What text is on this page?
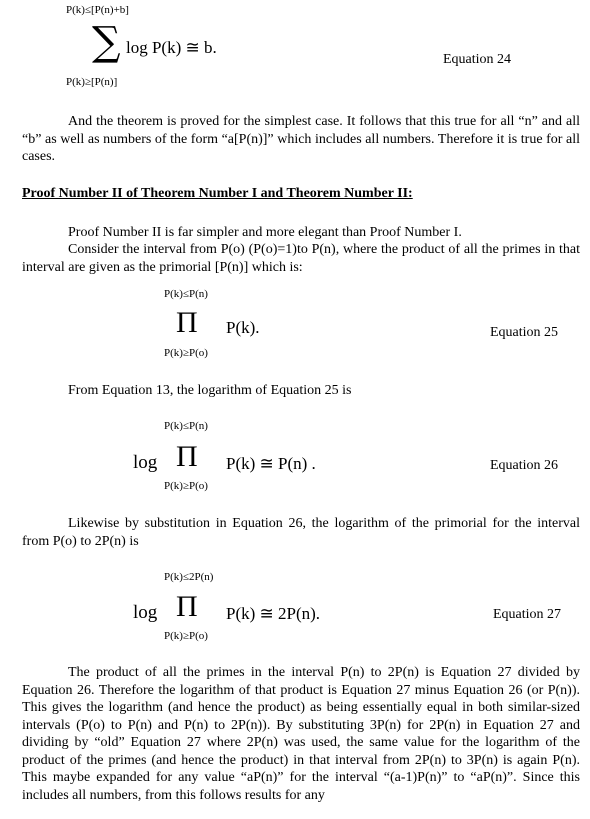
P(k)≤[P(n)+b]
∑ log P(k) ≅ b.
P(k)≥[P(n)]
Equation 24
And the theorem is proved for the simplest case. It follows that this true for all “n” and all “b” as well as numbers of the form “a[P(n)]” which includes all numbers. Therefore it is true for all cases.
Proof Number II of Theorem Number I and Theorem Number II:
Proof Number II is far simpler and more elegant than Proof Number I.
Consider the interval from P(o) (P(o)=1)to P(n), where the product of all the primes in that interval are given as the primorial [P(n)] which is:
P(k)≤P(n)
Π P(k).
P(k)≥P(o)
Equation 25
From Equation 13, the logarithm of Equation 25 is
P(k)≤P(n)
log Π P(k) ≅ P(n) .
P(k)≥P(o)
Equation 26
Likewise by substitution in Equation 26, the logarithm of the primorial for the interval from P(o) to 2P(n) is
P(k)≤2P(n)
log Π P(k) ≅ 2P(n).
P(k)≥P(o)
Equation 27
The product of all the primes in the interval P(n) to 2P(n) is Equation 27 divided by Equation 26. Therefore the logarithm of that product is Equation 27 minus Equation 26 (or P(n)). This gives the logarithm (and hence the product) as being essentially equal in both similar-sized intervals (P(o) to P(n) and P(n) to 2P(n)). By substituting 3P(n) for 2P(n) in Equation 27 and dividing by “old” Equation 27 where 2P(n) was used, the same value for the logarithm of the product of the primes (and hence the product) in that interval from 2P(n) to 3P(n) is again P(n). This maybe expanded for any value “aP(n)” for the interval “(a-1)P(n)” to “aP(n)”. Since this includes all numbers, from this follows results for any
